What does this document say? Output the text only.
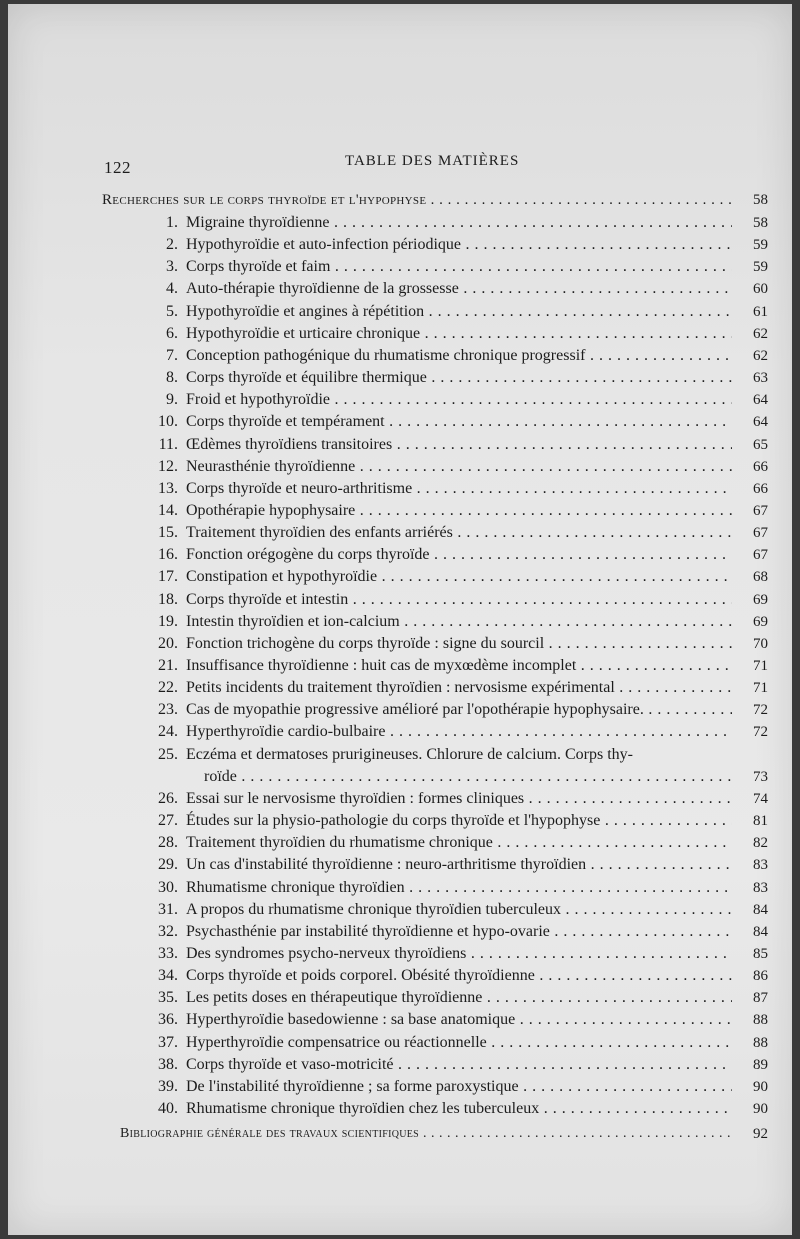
122	TABLE DES MATIÈRES
Recherches sur le corps thyroïde et l'hypophyse . . .	58
1. Migraine thyroïdienne . . .	58
2. Hypothyroïdie et auto-infection périodique . . .	59
3. Corps thyroïde et faim . . .	59
4. Auto-thérapie thyroïdienne de la grossesse . . .	60
5. Hypothyroïdie et angines à répétition . . .	61
6. Hypothyroïdie et urticaire chronique . . .	62
7. Conception pathogénique du rhumatisme chronique progressif . . .	62
8. Corps thyroïde et équilibre thermique . . .	63
9. Froid et hypothyroïdie . . .	64
10. Corps thyroïde et tempérament . . .	64
11. Œdèmes thyroïdiens transitoires . . .	65
12. Neurasthénie thyroïdienne . . .	66
13. Corps thyroïde et neuro-arthritisme . . .	66
14. Opothérapie hypophysaire . . .	67
15. Traitement thyroïdien des enfants arriérés . . .	67
16. Fonction orégogène du corps thyroïde . . .	67
17. Constipation et hypothyroïdie . . .	68
18. Corps thyroïde et intestin . . .	69
19. Intestin thyroïdien et ion-calcium . . .	69
20. Fonction trichogène du corps thyroïde : signe du sourcil . . .	70
21. Insuffisance thyroïdienne : huit cas de myxœdème incomplet . . .	71
22. Petits incidents du traitement thyroïdien : nervosisme expérimental . . .	71
23. Cas de myopathie progressive amélioré par l'opothérapie hypophysaire. . . .	72
24. Hyperthyroïdie cardio-bulbaire . . .	72
25. Eczéma et dermatoses prurigineuses. Chlorure de calcium. Corps thy-
roïde . . .	73
26. Essai sur le nervosisme thyroïdien : formes cliniques . . .	74
27. Études sur la physio-pathologie du corps thyroïde et l'hypophyse . . .	81
28. Traitement thyroïdien du rhumatisme chronique . . .	82
29. Un cas d'instabilité thyroïdienne : neuro-arthritisme thyroïdien . . .	83
30. Rhumatisme chronique thyroïdien . . .	83
31. A propos du rhumatisme chronique thyroïdien tuberculeux . . .	84
32. Psychasthénie par instabilité thyroïdienne et hypo-ovarie . . .	84
33. Des syndromes psycho-nerveux thyroïdiens . . .	85
34. Corps thyroïde et poids corporel. Obésité thyroïdienne . . .	86
35. Les petits doses en thérapeutique thyroïdienne . . .	87
36. Hyperthyroïdie basedowienne : sa base anatomique . . .	88
37. Hyperthyroïdie compensatrice ou réactionnelle . . .	88
38. Corps thyroïde et vaso-motricité . . .	89
39. De l'instabilité thyroïdienne ; sa forme paroxystique . . .	90
40. Rhumatisme chronique thyroïdien chez les tuberculeux . . .	90
Bibliographie générale des travaux scientifiques . . .	92
